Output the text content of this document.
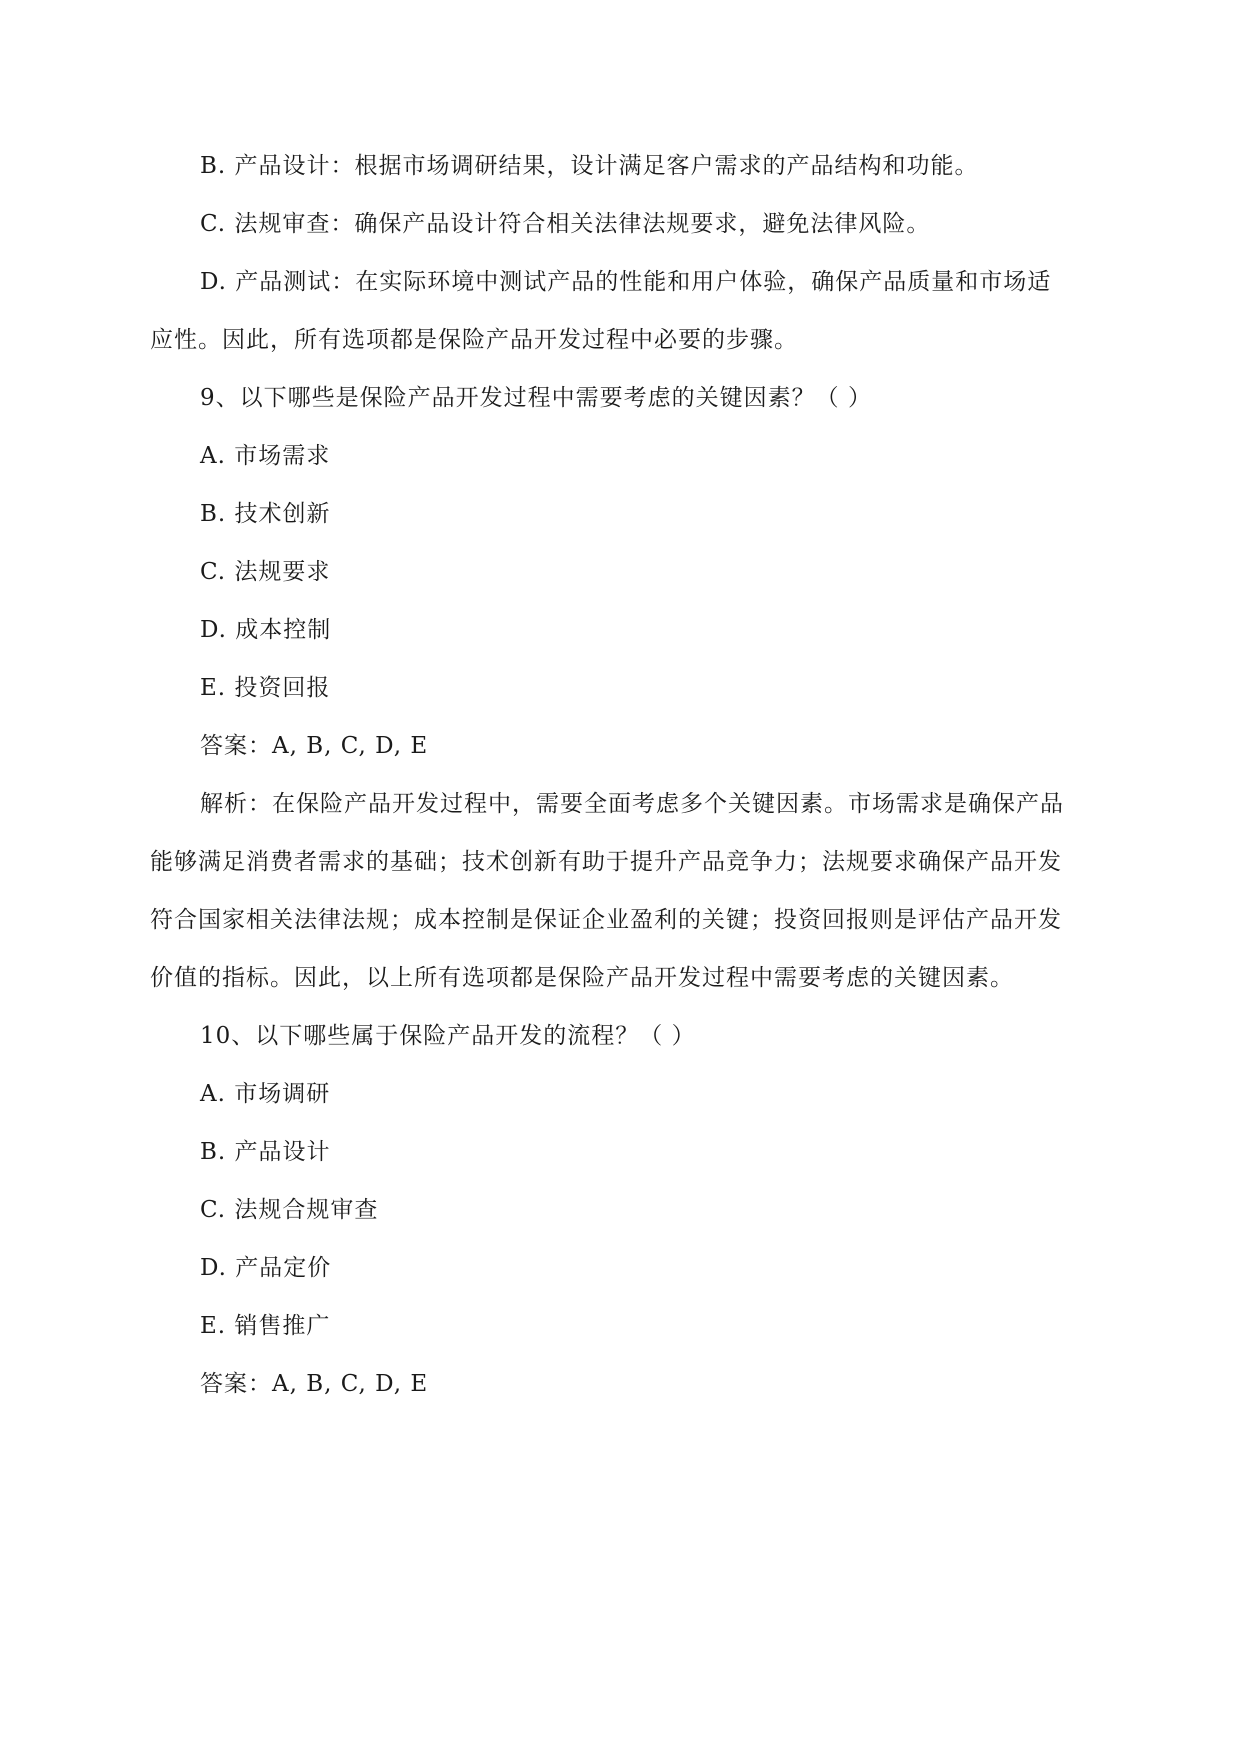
B. 产品设计：根据市场调研结果，设计满足客户需求的产品结构和功能。
C. 法规审查：确保产品设计符合相关法律法规要求，避免法律风险。
D. 产品测试：在实际环境中测试产品的性能和用户体验，确保产品质量和市场适
应性。因此，所有选项都是保险产品开发过程中必要的步骤。
9、以下哪些是保险产品开发过程中需要考虑的关键因素？（ ）
A. 市场需求
B. 技术创新
C. 法规要求
D. 成本控制
E. 投资回报
答案：A, B, C, D, E
解析：在保险产品开发过程中，需要全面考虑多个关键因素。市场需求是确保产品
能够满足消费者需求的基础；技术创新有助于提升产品竞争力；法规要求确保产品开发
符合国家相关法律法规；成本控制是保证企业盈利的关键；投资回报则是评估产品开发
价值的指标。因此，以上所有选项都是保险产品开发过程中需要考虑的关键因素。
10、以下哪些属于保险产品开发的流程？（ ）
A. 市场调研
B. 产品设计
C. 法规合规审查
D. 产品定价
E. 销售推广
答案：A, B, C, D, E
